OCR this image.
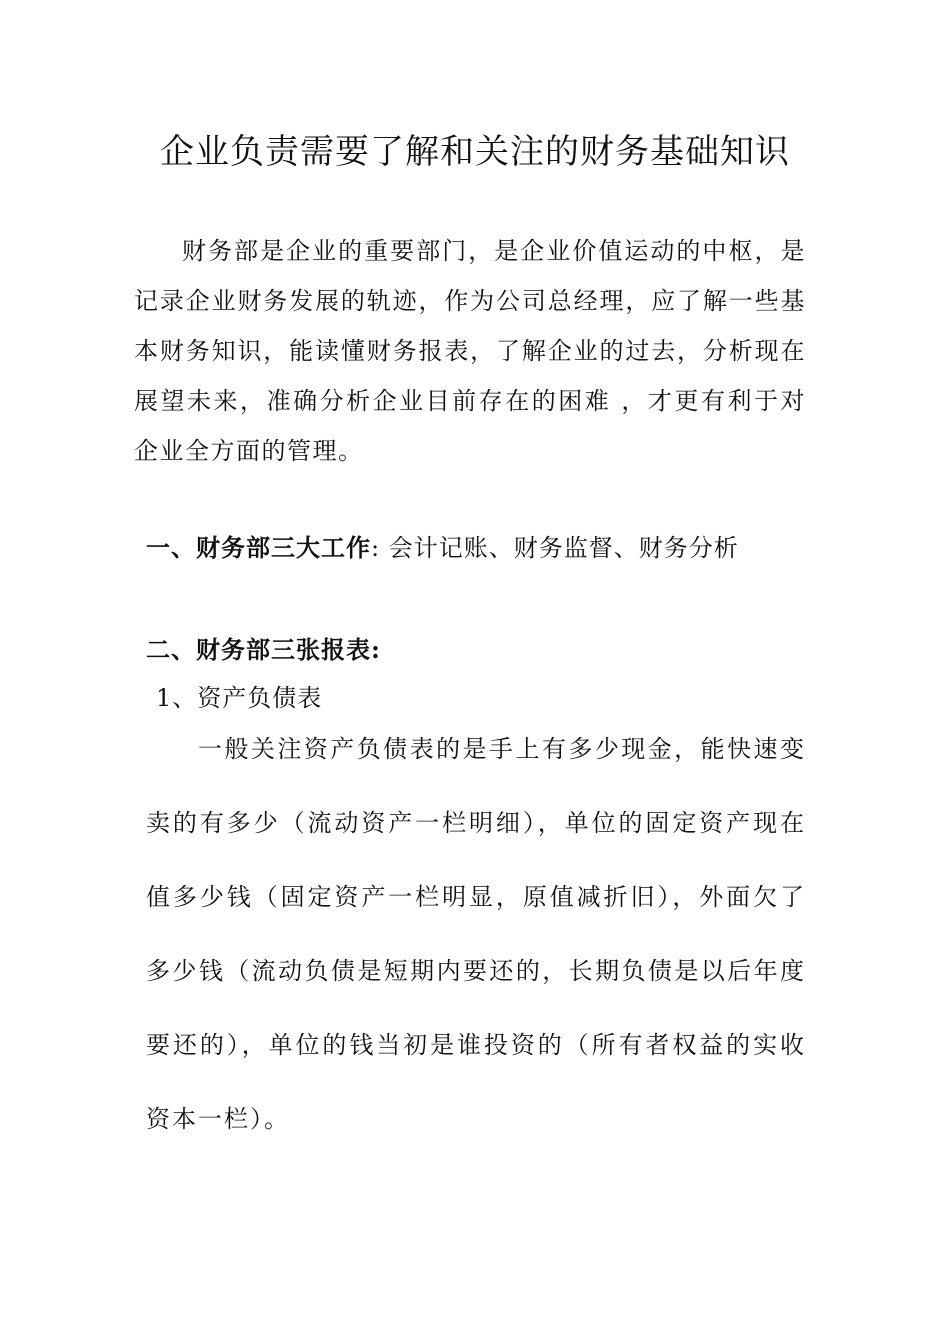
企业负责需要了解和关注的财务基础知识

财务部是企业的重要部门，是企业价值运动的中枢，是记录企业财务发展的轨迹，作为公司总经理，应了解一些基本财务知识，能读懂财务报表，了解企业的过去，分析现在展望未来，准确分析企业目前存在的困难 ，才更有利于对企业全方面的管理。

一、财务部三大工作: 会计记账、财务监督、财务分析

二、财务部三张报表:

1、资产负债表

一般关注资产负债表的是手上有多少现金，能快速变卖的有多少（流动资产一栏明细），单位的固定资产现在值多少钱（固定资产一栏明显，原值减折旧），外面欠了多少钱（流动负债是短期内要还的，长期负债是以后年度要还的），单位的钱当初是谁投资的（所有者权益的实收资本一栏）。
